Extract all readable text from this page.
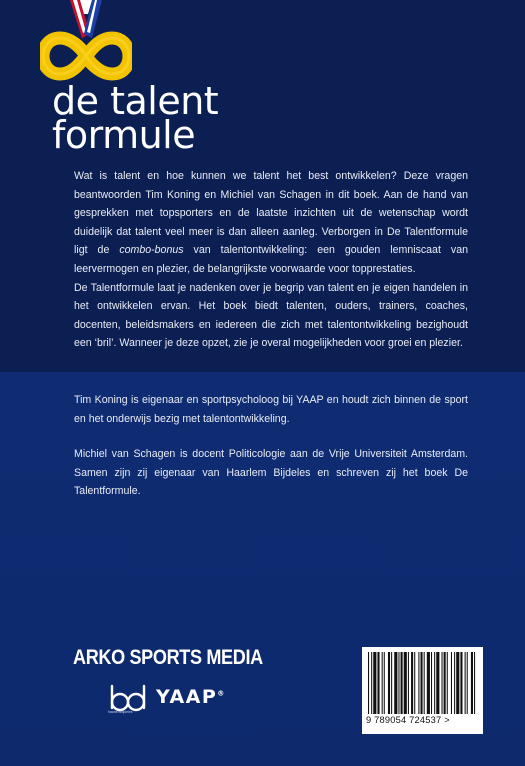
de talent
formule

Wat is talent en hoe kunnen we talent het best ontwikkelen? Deze vragen beantwoorden Tim Koning en Michiel van Schagen in dit boek. Aan de hand van gesprekken met topsporters en de laatste inzichten uit de wetenschap wordt duidelijk dat talent veel meer is dan alleen aanleg. Verborgen in De Talentformule ligt de combo-bonus van talentontwikkeling: een gouden lemniscaat van leervermogen en plezier, de belangrijkste voorwaarde voor topprestaties.

De Talentformule laat je nadenken over je begrip van talent en je eigen handelen in het ontwikkelen ervan. Het boek biedt talenten, ouders, trainers, coaches, docenten, beleidsmakers en iedereen die zich met talentontwikkeling bezighoudt een ‘bril’. Wanneer je deze opzet, zie je overal mogelijkheden voor groei en plezier.

Tim Koning is eigenaar en sportpsycholoog bij YAAP en houdt zich binnen de sport en het onderwijs bezig met talentontwikkeling.

Michiel van Schagen is docent Politicologie aan de Vrije Universiteit Amsterdam. Samen zijn zij eigenaar van Haarlem Bijdeles en schreven zij het boek De Talentformule.

ARKO SPORTS MEDIA
haarlembijdeles
YAAP®
9 789054 724537 >
